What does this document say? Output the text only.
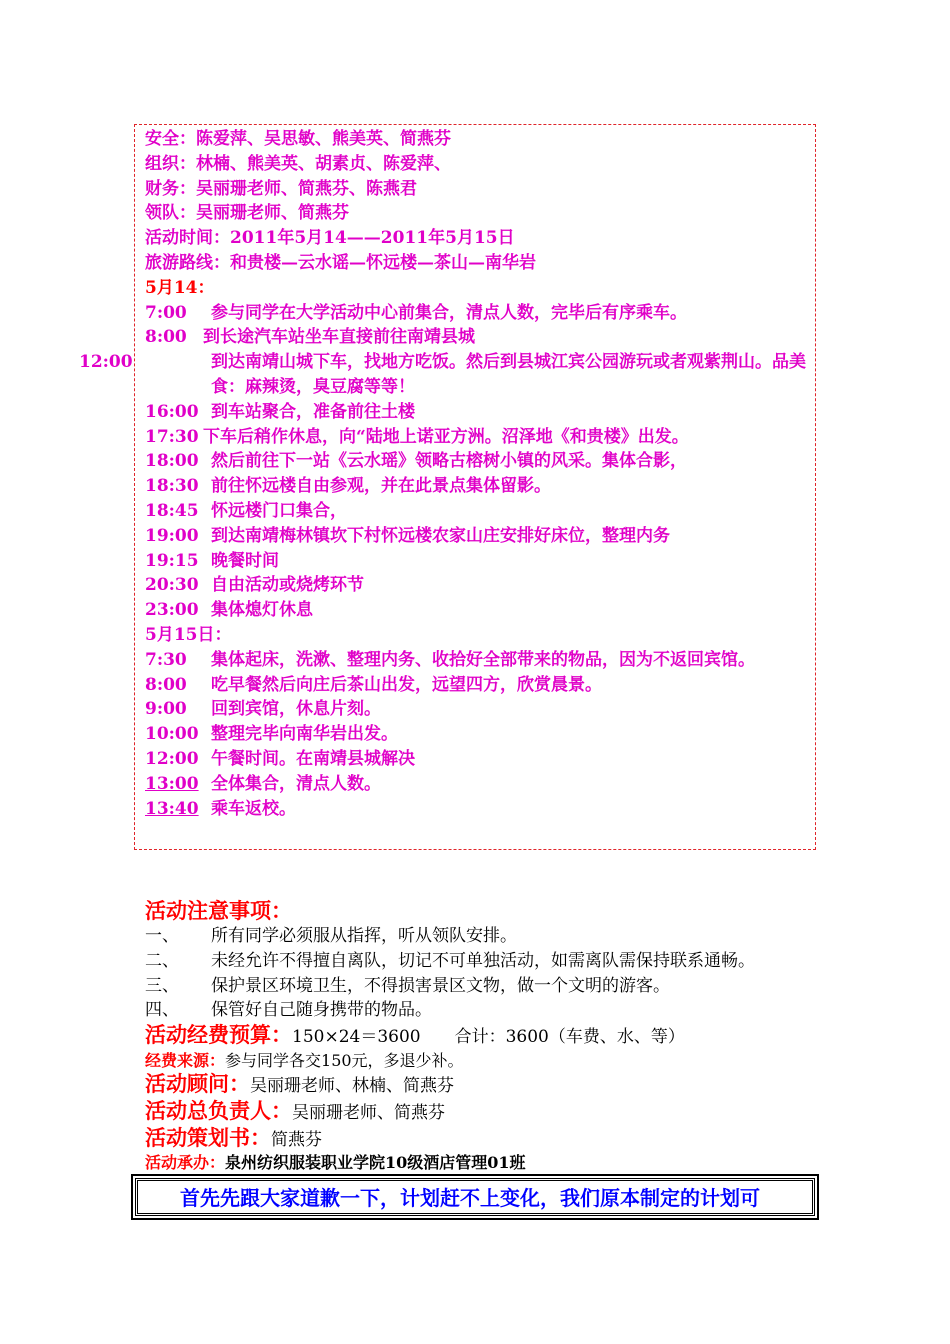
安全：陈爱萍、吴思敏、熊美英、简燕芬
组织：林楠、熊美英、胡素贞、陈爱萍、
财务：吴丽珊老师、简燕芬、陈燕君
领队：吴丽珊老师、简燕芬
活动时间：2011年5月14——2011年5月15日
旅游路线：和贵楼—云水谣—怀远楼—茶山—南华岩
5月14：
7:00 参与同学在大学活动中心前集合，清点人数，完毕后有序乘车。
8:00 到长途汽车站坐车直接前往南靖县城
12:00	到达南靖山城下车，找地方吃饭。然后到县城江宾公园游玩或者观紫荆山。品美食：麻辣烫，臭豆腐等等！
16:00 到车站聚合，准备前往土楼
17:30 下车后稍作休息，向“陆地上诺亚方洲。沼泽地《和贵楼》出发。
18:00 然后前往下一站《云水瑶》领略古榕树小镇的风采。集体合影，
18:30 前往怀远楼自由参观，并在此景点集体留影。
18:45 怀远楼门口集合，
19:00 到达南靖梅林镇坎下村怀远楼农家山庄安排好床位，整理内务
19:15 晚餐时间
20:30 自由活动或烧烤环节
23:00 集体熄灯休息
5月15日：
7:30 集体起床，洗漱、整理内务、收拾好全部带来的物品，因为不返回宾馆。
8:00 吃早餐然后向庄后茶山出发，远望四方，欣赏晨景。
9:00 回到宾馆，休息片刻。
10:00 整理完毕向南华岩出发。
12:00 午餐时间。在南靖县城解决
13:00 全体集合，清点人数。
13:40 乘车返校。
活动注意事项：
一、 所有同学必须服从指挥，听从领队安排。
二、 未经允许不得擅自离队，切记不可单独活动，如需离队需保持联系通畅。
三、 保护景区环境卫生，不得损害景区文物，做一个文明的游客。
四、 保管好自己随身携带的物品。
活动经费预算：150×24＝3600　　合计：3600（车费、水、等）
经费来源：参与同学各交150元，多退少补。
活动顾问：吴丽珊老师、林楠、简燕芬
活动总负责人：吴丽珊老师、简燕芬
活动策划书：简燕芬
活动承办：泉州纺织服装职业学院10级酒店管理01班
首先先跟大家道歉一下，计划赶不上变化，我们原本制定的计划可
